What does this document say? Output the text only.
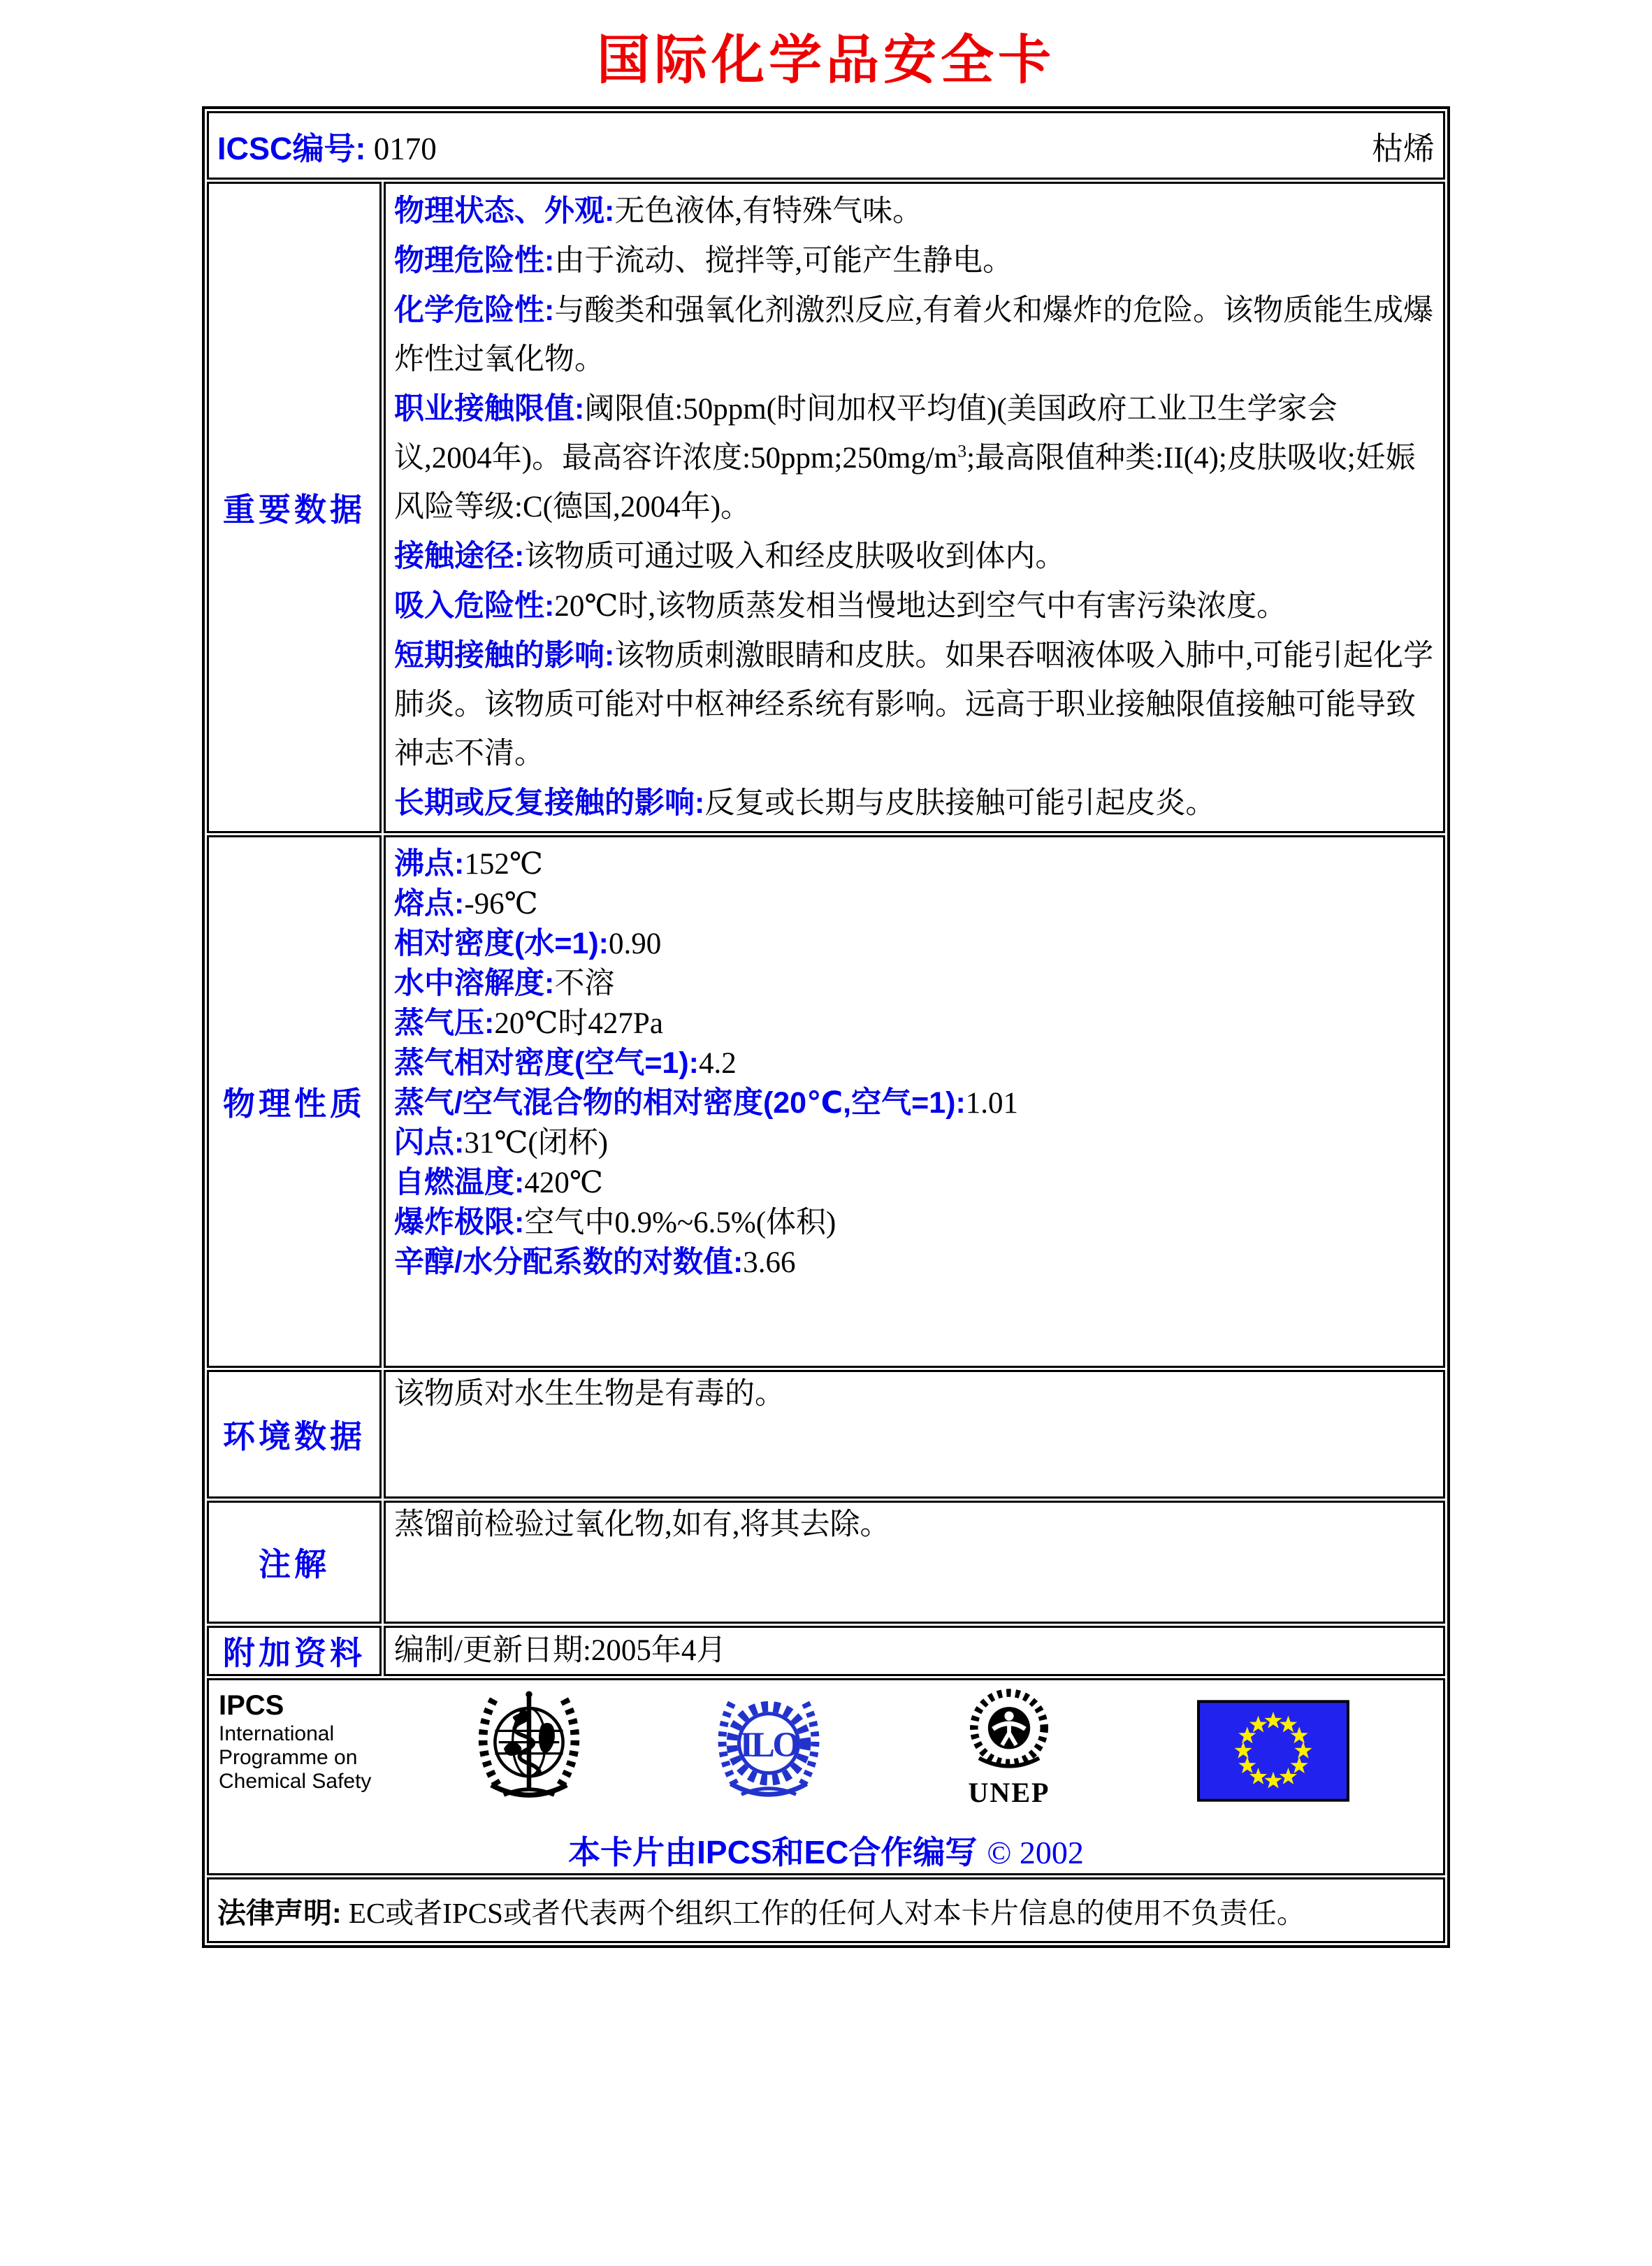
国际化学品安全卡
ICSC编号: 0170 枯烯	

重要数据	
物理状态、外观:无色液体,有特殊气味。
物理危险性:由于流动、搅拌等,可能产生静电。
化学危险性:与酸类和强氧化剂激烈反应,有着火和爆炸的危险。该物质能生成爆炸性过氧化物。
职业接触限值:阈限值:50ppm(时间加权平均值)(美国政府工业卫生学家会议,2004年)。最高容许浓度$:50ppm;250mg/m^3$;最高限值种类:II(4);皮肤吸收;妊娠风险等级:C(德国,2004年)。
接触途径:该物质可通过吸入和经皮肤吸收到体内。
吸入危险性:20℃时,该物质蒸发相当慢地达到空气中有害污染浓度。
短期接触的影响:该物质刺激眼睛和皮肤。如果吞咽液体吸入肺中,可能引起化学肺炎。该物质可能对中枢神经系统有影响。远高于职业接触限值接触可能导致神志不清。
长期或反复接触的影响:反复或长期与皮肤接触可能引起皮炎。

物理性质	
沸点:152℃
熔点:-96℃
相对密度(水=1):0.90
水中溶解度:不溶
蒸气压:20℃时427Pa
蒸气相对密度(空气=1):4.2
蒸气/空气混合物的相对密度(20℃,空气=1):1.01
闪点:31℃(闭杯)
自燃温度:420℃
爆炸极限:空气中0.9%~6.5%(体积)
辛醇/水分配系数的对数值:3.66

环境数据	该物质对水生生物是有毒的。
注解	蒸馏前检验过氧化物,如有,将其去除。
附加资料	编制/更新日期:2005年4月

IPCS
International
Programme on
Chemical Safety
ILO
UNEP
本卡片由IPCS和EC合作编写 © 2002

法律声明: EC或者IPCS或者代表两个组织工作的任何人对本卡片信息的使用不负责任。	
